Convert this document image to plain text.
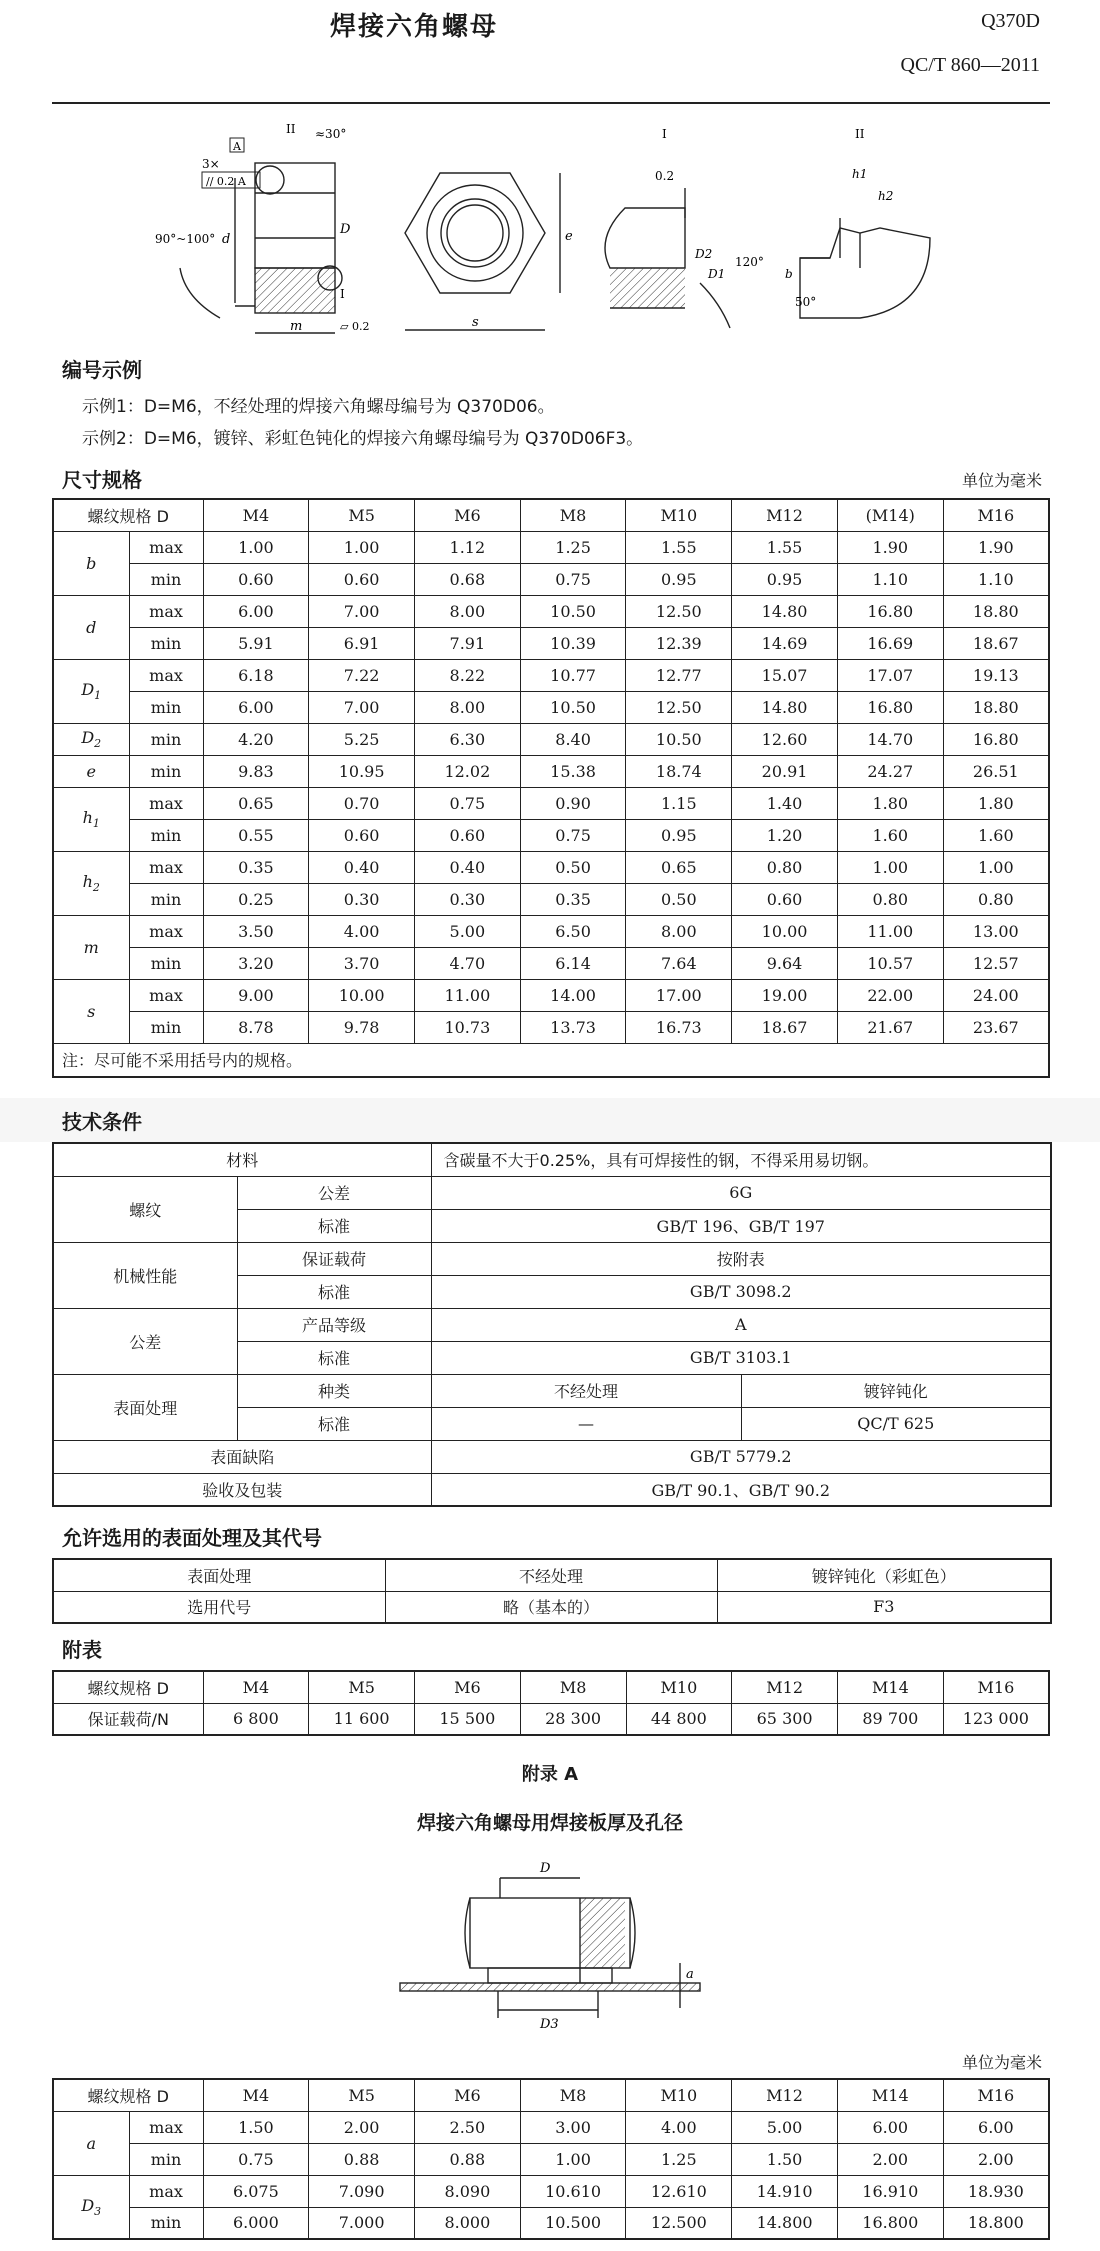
焊接六角螺母	Q370D
QC/T 860—2011
3×
// 0.2 A
A
II ≈30°
90°~100° d
D
I
m	▱ 0.2
e
s
I
0.2
D2
D1
120°
II
b
h1
h2
50°
编号示例
示例1：D=M6，不经处理的焊接六角螺母编号为 Q370D06。
示例2：D=M6，镀锌、彩虹色钝化的焊接六角螺母编号为 Q370D06F3。
尺寸规格	单位为毫米
螺纹规格 D		M4	M5	M6	M8	M10	M12	(M14)	M16
b	max	1.00	1.00	1.12	1.25	1.55	1.55	1.90	1.90
	min	0.60	0.60	0.68	0.75	0.95	0.95	1.10	1.10
d	max	6.00	7.00	8.00	10.50	12.50	14.80	16.80	18.80
	min	5.91	6.91	7.91	10.39	12.39	14.69	16.69	18.67
$D_1$	max	6.18	7.22	8.22	10.77	12.77	15.07	17.07	19.13
	min	6.00	7.00	8.00	10.50	12.50	14.80	16.80	18.80
$D_2$	min	4.20	5.25	6.30	8.40	10.50	12.60	14.70	16.80
e	min	9.83	10.95	12.02	15.38	18.74	20.91	24.27	26.51
$h_1$	max	0.65	0.70	0.75	0.90	1.15	1.40	1.80	1.80
	min	0.55	0.60	0.60	0.75	0.95	1.20	1.60	1.60
$h_2$	max	0.35	0.40	0.40	0.50	0.65	0.80	1.00	1.00
	min	0.25	0.30	0.30	0.35	0.50	0.60	0.80	0.80
m	max	3.50	4.00	5.00	6.50	8.00	10.00	11.00	13.00
	min	3.20	3.70	4.70	6.14	7.64	9.64	10.57	12.57
s	max	9.00	10.00	11.00	14.00	17.00	19.00	22.00	24.00
	min	8.78	9.78	10.73	13.73	16.73	18.67	21.67	23.67
注：尽可能不采用括号内的规格。									
技术条件
材料		含碳量不大于0.25%，具有可焊接性的钢，不得采用易切钢。	
螺纹	公差	6G	
	标准	GB/T 196、GB/T 197	
机械性能	保证载荷	按附表	
	标准	GB/T 3098.2	
公差	产品等级	A	
	标准	GB/T 3103.1	
表面处理	种类	不经处理	镀锌钝化
	标准	—	QC/T 625
表面缺陷		GB/T 5779.2	
验收及包装		GB/T 90.1、GB/T 90.2	
允许选用的表面处理及其代号
表面处理	不经处理	镀锌钝化（彩虹色）
选用代号	略（基本的）	F3
附表
螺纹规格 D	M4	M5	M6	M8	M10	M12	M14	M16
保证载荷/N	6 800	11 600	15 500	28 300	44 800	65 300	89 700	123 000
附录 A
焊接六角螺母用焊接板厚及孔径
D
D3
a
单位为毫米
螺纹规格 D		M4	M5	M6	M8	M10	M12	M14	M16
a	max	1.50	2.00	2.50	3.00	4.00	5.00	6.00	6.00
	min	0.75	0.88	0.88	1.00	1.25	1.50	2.00	2.00
$D_3$	max	6.075	7.090	8.090	10.610	12.610	14.910	16.910	18.930
	min	6.000	7.000	8.000	10.500	12.500	14.800	16.800	18.800
